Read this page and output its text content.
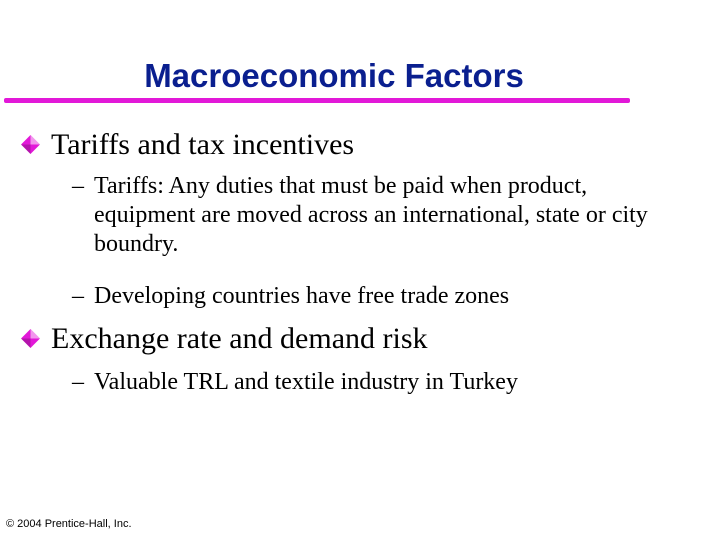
Macroeconomic Factors
Tariffs and tax incentives
– Tariffs: Any duties that must be paid when product, equipment are moved across an international, state or city boundry.
– Developing countries have free trade zones
Exchange rate and demand risk
– Valuable TRL and textile industry in Turkey
© 2004 Prentice-Hall, Inc.
